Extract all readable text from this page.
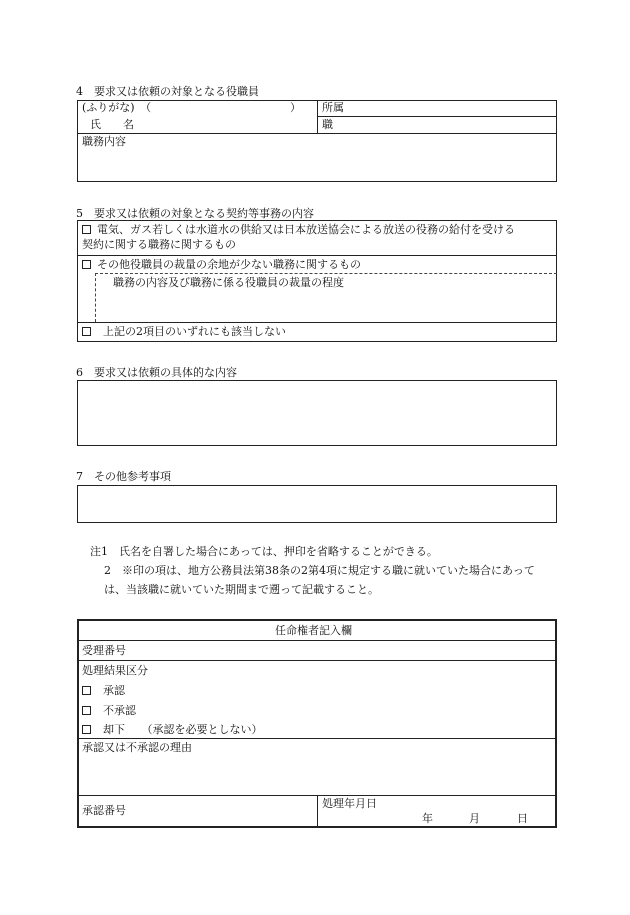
4　要求又は依頼の対象となる役職員
(ふりがな)　（	）
氏　　名
所属
職
職務内容
5　要求又は依頼の対象となる契約等事務の内容
電気、ガス若しくは水道水の供給又は日本放送協会による放送の役務の給付を受ける
契約に関する職務に関するもの
その他役職員の裁量の余地が少ない職務に関するもの
職務の内容及び職務に係る役職員の裁量の程度
上記の2項目のいずれにも該当しない
6　要求又は依頼の具体的な内容
7　その他参考事項
注1　氏名を自署した場合にあっては、押印を省略することができる。
2　※印の項は、地方公務員法第38条の2第4項に規定する職に就いていた場合にあって
は、当該職に就いていた期間まで遡って記載すること。
任命権者記入欄
受理番号
処理結果区分
承認
不承認
却下　　（承認を必要としない）
承認又は不承認の理由
承認番号
処理年月日
年	月	日
